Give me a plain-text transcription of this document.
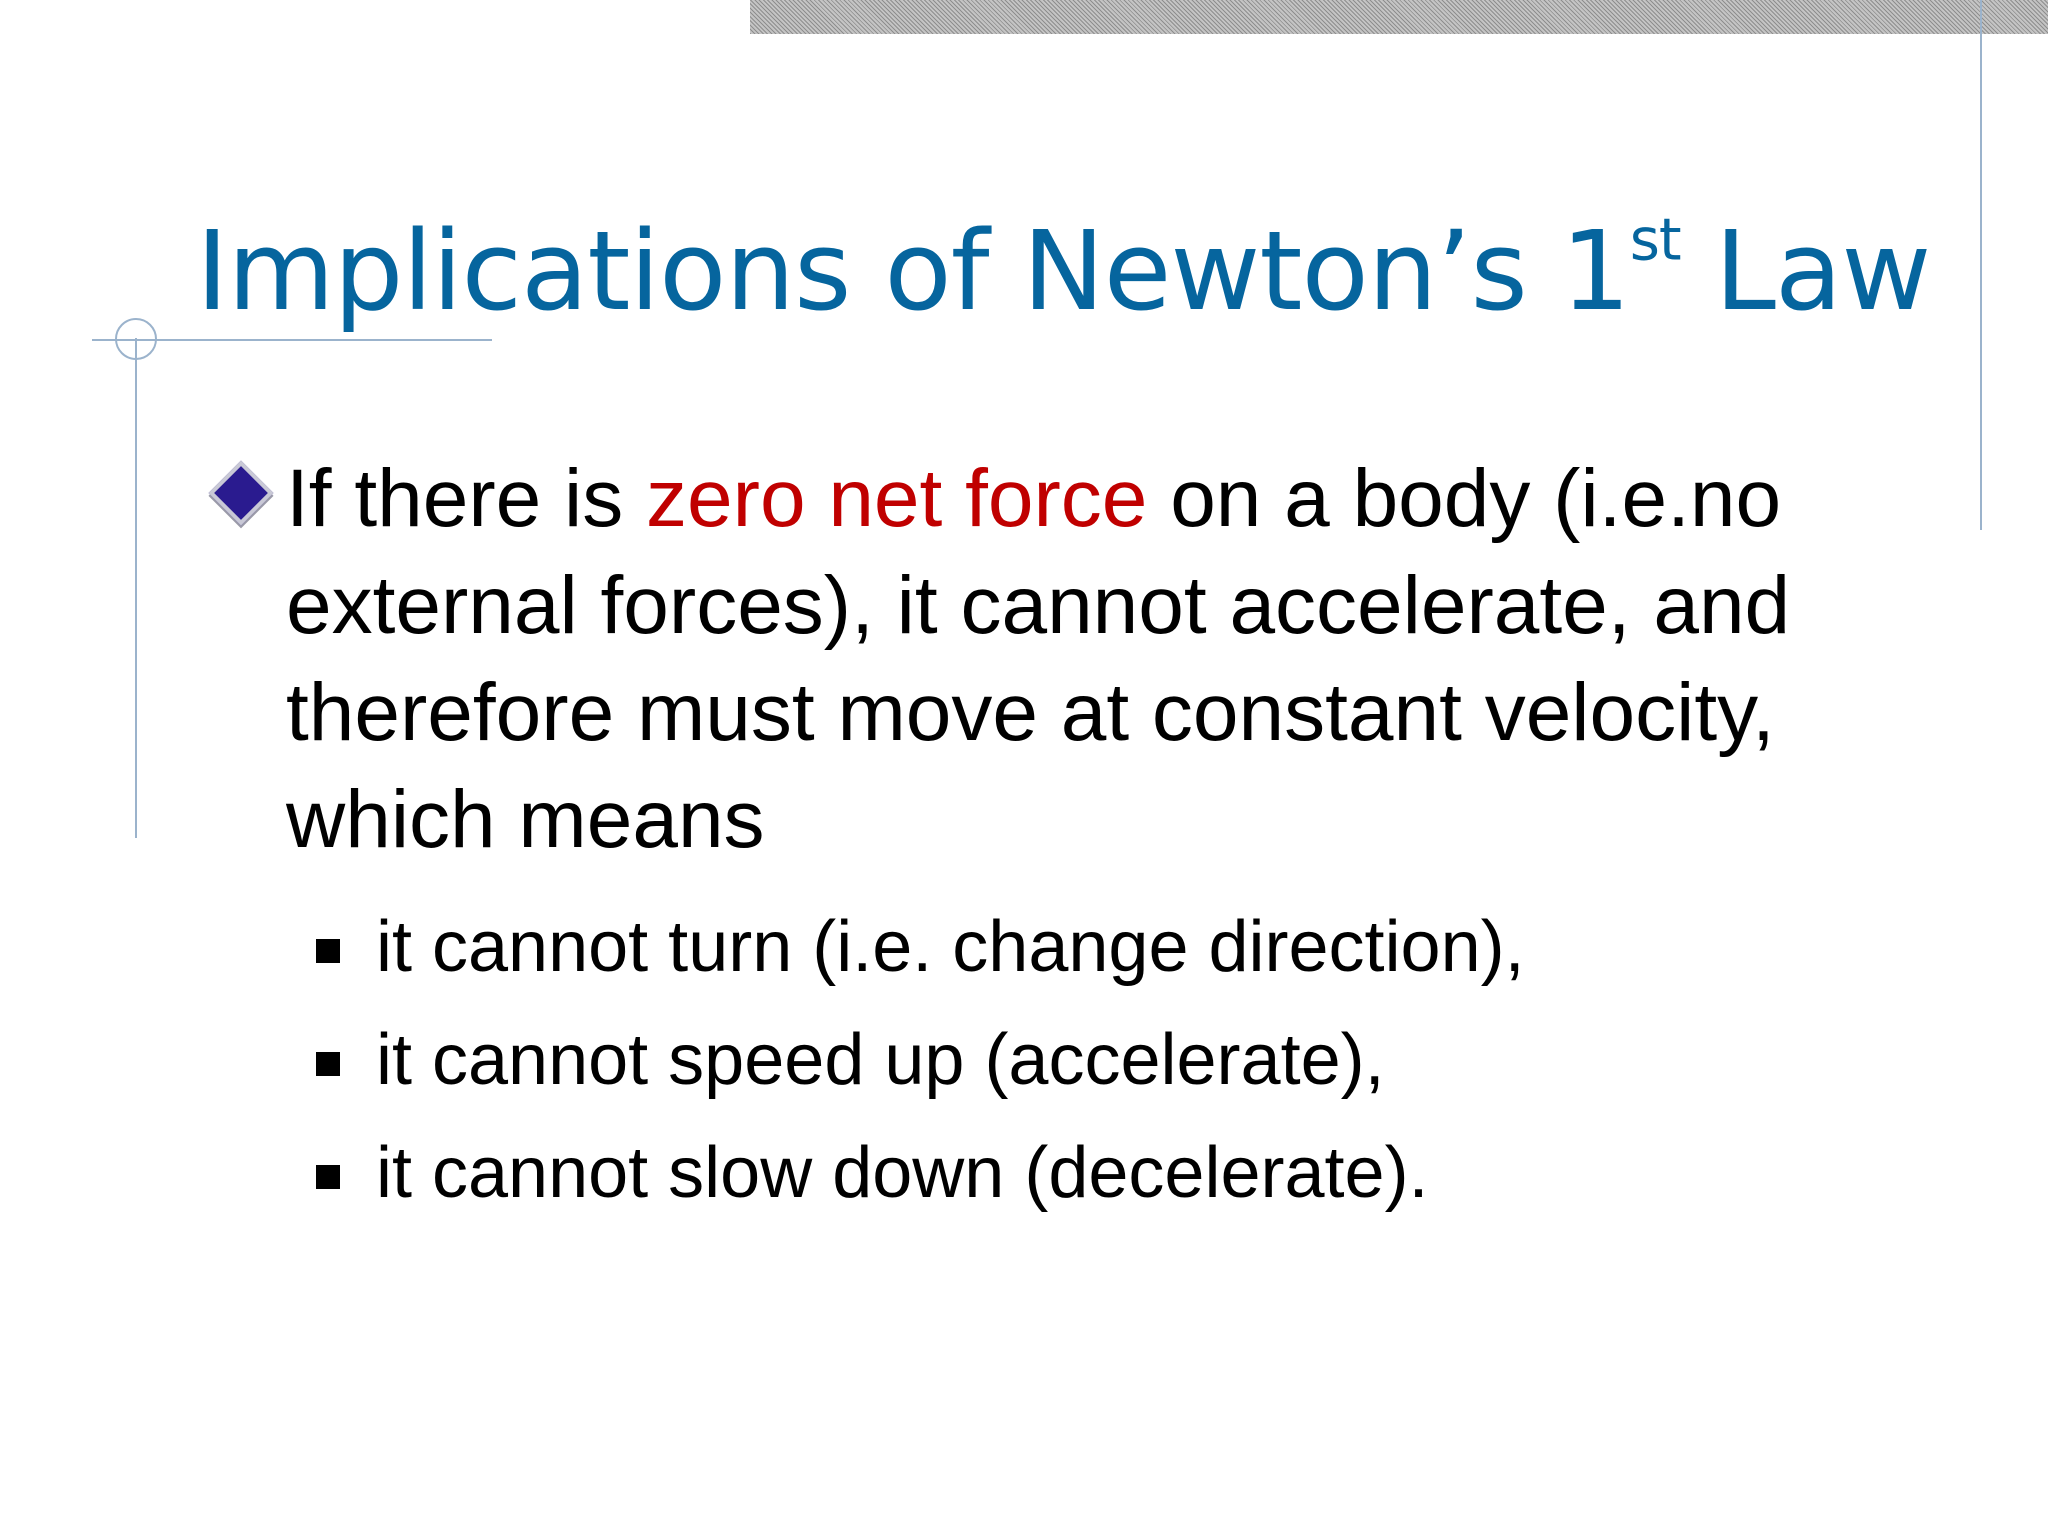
Implications of Newton’s 1st Law

If there is zero net force on a body (i.e.no external forces), it cannot accelerate, and therefore must move at constant velocity, which means

it cannot turn (i.e. change direction),

it cannot speed up (accelerate),

it cannot slow down (decelerate).
